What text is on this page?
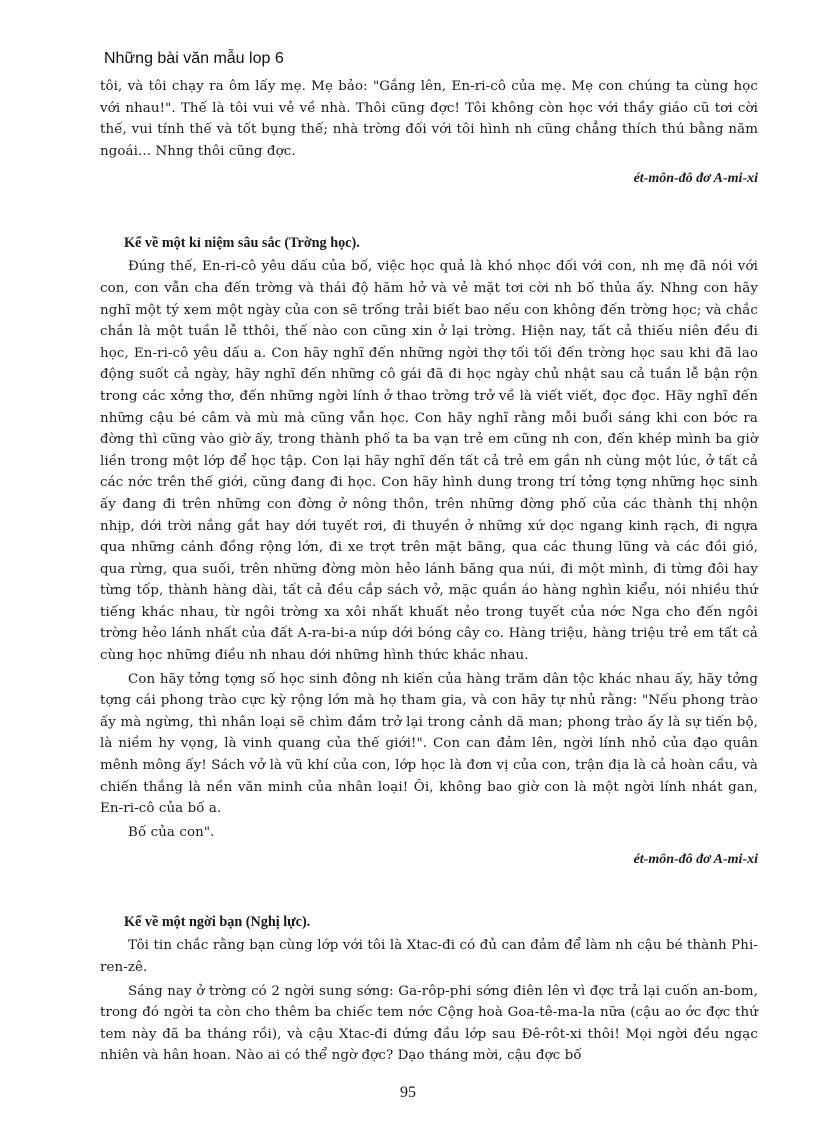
Những bài văn mẫu lop 6

tôi, và tôi chạy ra ôm lấy mẹ. Mẹ bảo: "Gắng lên, En-ri-cô của mẹ. Mẹ con chúng ta cùng học với nhau!". Thế là tôi vui vẻ về nhà. Thôi cũng đợc! Tôi không còn học với thầy giáo cũ tơi cời thế, vui tính thế và tốt bụng thế; nhà trờng đối với tôi hình nh cũng chẳng thích thú bằng năm ngoái... Nhng thôi cũng đợc.

ét-môn-đô đơ A-mi-xi

Kể về một kỉ niệm sâu sắc (Trờng học).

Đúng thế, En-ri-cô yêu dấu của bố, việc học quả là khó nhọc đối với con, nh mẹ đã nói với con, con vẫn cha đến trờng và thái độ hăm hở và vẻ mặt tơi cời nh bố thủa ấy. Nhng con hãy nghĩ một tý xem một ngày của con sẽ trống trải biết bao nếu con không đến trờng học; và chắc chắn là một tuần lễ tthôi, thế nào con cũng xin ở lại trờng. Hiện nay, tất cả thiếu niên đều đi học, En-ri-cô yêu dấu a. Con hãy nghĩ đến những ngời thợ tối tối đến trờng học sau khi đã lao động suốt cả ngày, hãy nghĩ đến những cô gái đã đi học ngày chủ nhật sau cả tuần lễ bận rộn trong các xởng thơ, đến những ngời lính ở thao trờng trở về là viết viết, đọc đọc. Hãy nghĩ đến những cậu bé câm và mù mà cũng vẫn học. Con hãy nghĩ rằng mỗi buổi sáng khi con bớc ra đờng thì cũng vào giờ ấy, trong thành phố ta ba vạn trẻ em cũng nh con, đến khép mình ba giờ liền trong một lớp để học tập. Con lại hãy nghĩ đến tất cả trẻ em gần nh cùng một lúc, ở tất cả các nớc trên thế giới, cũng đang đi học. Con hãy hình dung trong trí tởng tợng những học sinh ấy đang đi trên những con đờng ở nông thôn, trên những đờng phố của các thành thị nhộn nhịp, dới trời nắng gắt hay dới tuyết rơi, đi thuyền ở những xứ dọc ngang kinh rạch, đi ngựa qua những cánh đồng rộng lớn, đi xe trợt trên mặt băng, qua các thung lũng và các đồi gió, qua rừng, qua suối, trên những đờng mòn hẻo lánh băng qua núi, đi một mình, đi từng đôi hay từng tốp, thành hàng dài, tất cả đều cắp sách vở, mặc quần áo hàng nghìn kiểu, nói nhiều thứ tiếng khác nhau, từ ngôi trờng xa xôi nhất khuất nẻo trong tuyết của nớc Nga cho đến ngôi trờng hẻo lánh nhất của đất A-ra-bi-a núp dới bóng cây co. Hàng triệu, hàng triệu trẻ em tất cả cùng học những điều nh nhau dới những hình thức khác nhau.

Con hãy tởng tợng số học sinh đông nh kiến của hàng trăm dân tộc khác nhau ấy, hãy tởng tợng cái phong trào cực kỳ rộng lớn mà họ tham gia, và con hãy tự nhủ rằng: "Nếu phong trào ấy mà ngừng, thì nhân loại sẽ chìm đắm trở lại trong cảnh dã man; phong trào ấy là sự tiến bộ, là niềm hy vọng, là vinh quang của thế giới!". Con can đảm lên, ngời lính nhỏ của đạo quân mênh mông ấy! Sách vở là vũ khí của con, lớp học là đơn vị của con, trận địa là cả hoàn cầu, và chiến thắng là nền văn minh của nhân loại! Ôi, không bao giờ con là một ngời lính nhát gan, En-ri-cô của bố a.

Bố của con".

ét-môn-đô đơ A-mi-xi

Kể về một ngời bạn (Nghị lực).

Tôi tin chắc rằng bạn cùng lớp với tôi là Xtac-đi có đủ can đảm để làm nh cậu bé thành Phi-ren-zê.

Sáng nay ở trờng có 2 ngời sung sớng: Ga-rôp-phi sớng điên lên vì đợc trả lại cuốn an-bom, trong đó ngời ta còn cho thêm ba chiếc tem nớc Cộng hoà Goa-tê-ma-la nữa (cậu ao ớc đợc thứ tem này đã ba tháng rồi), và cậu Xtac-đi đứng đầu lớp sau Đê-rôt-xi thôi! Mọi ngời đều ngạc nhiên và hân hoan. Nào ai có thể ngờ đợc? Dạo tháng mời, cậu đợc bố

95
